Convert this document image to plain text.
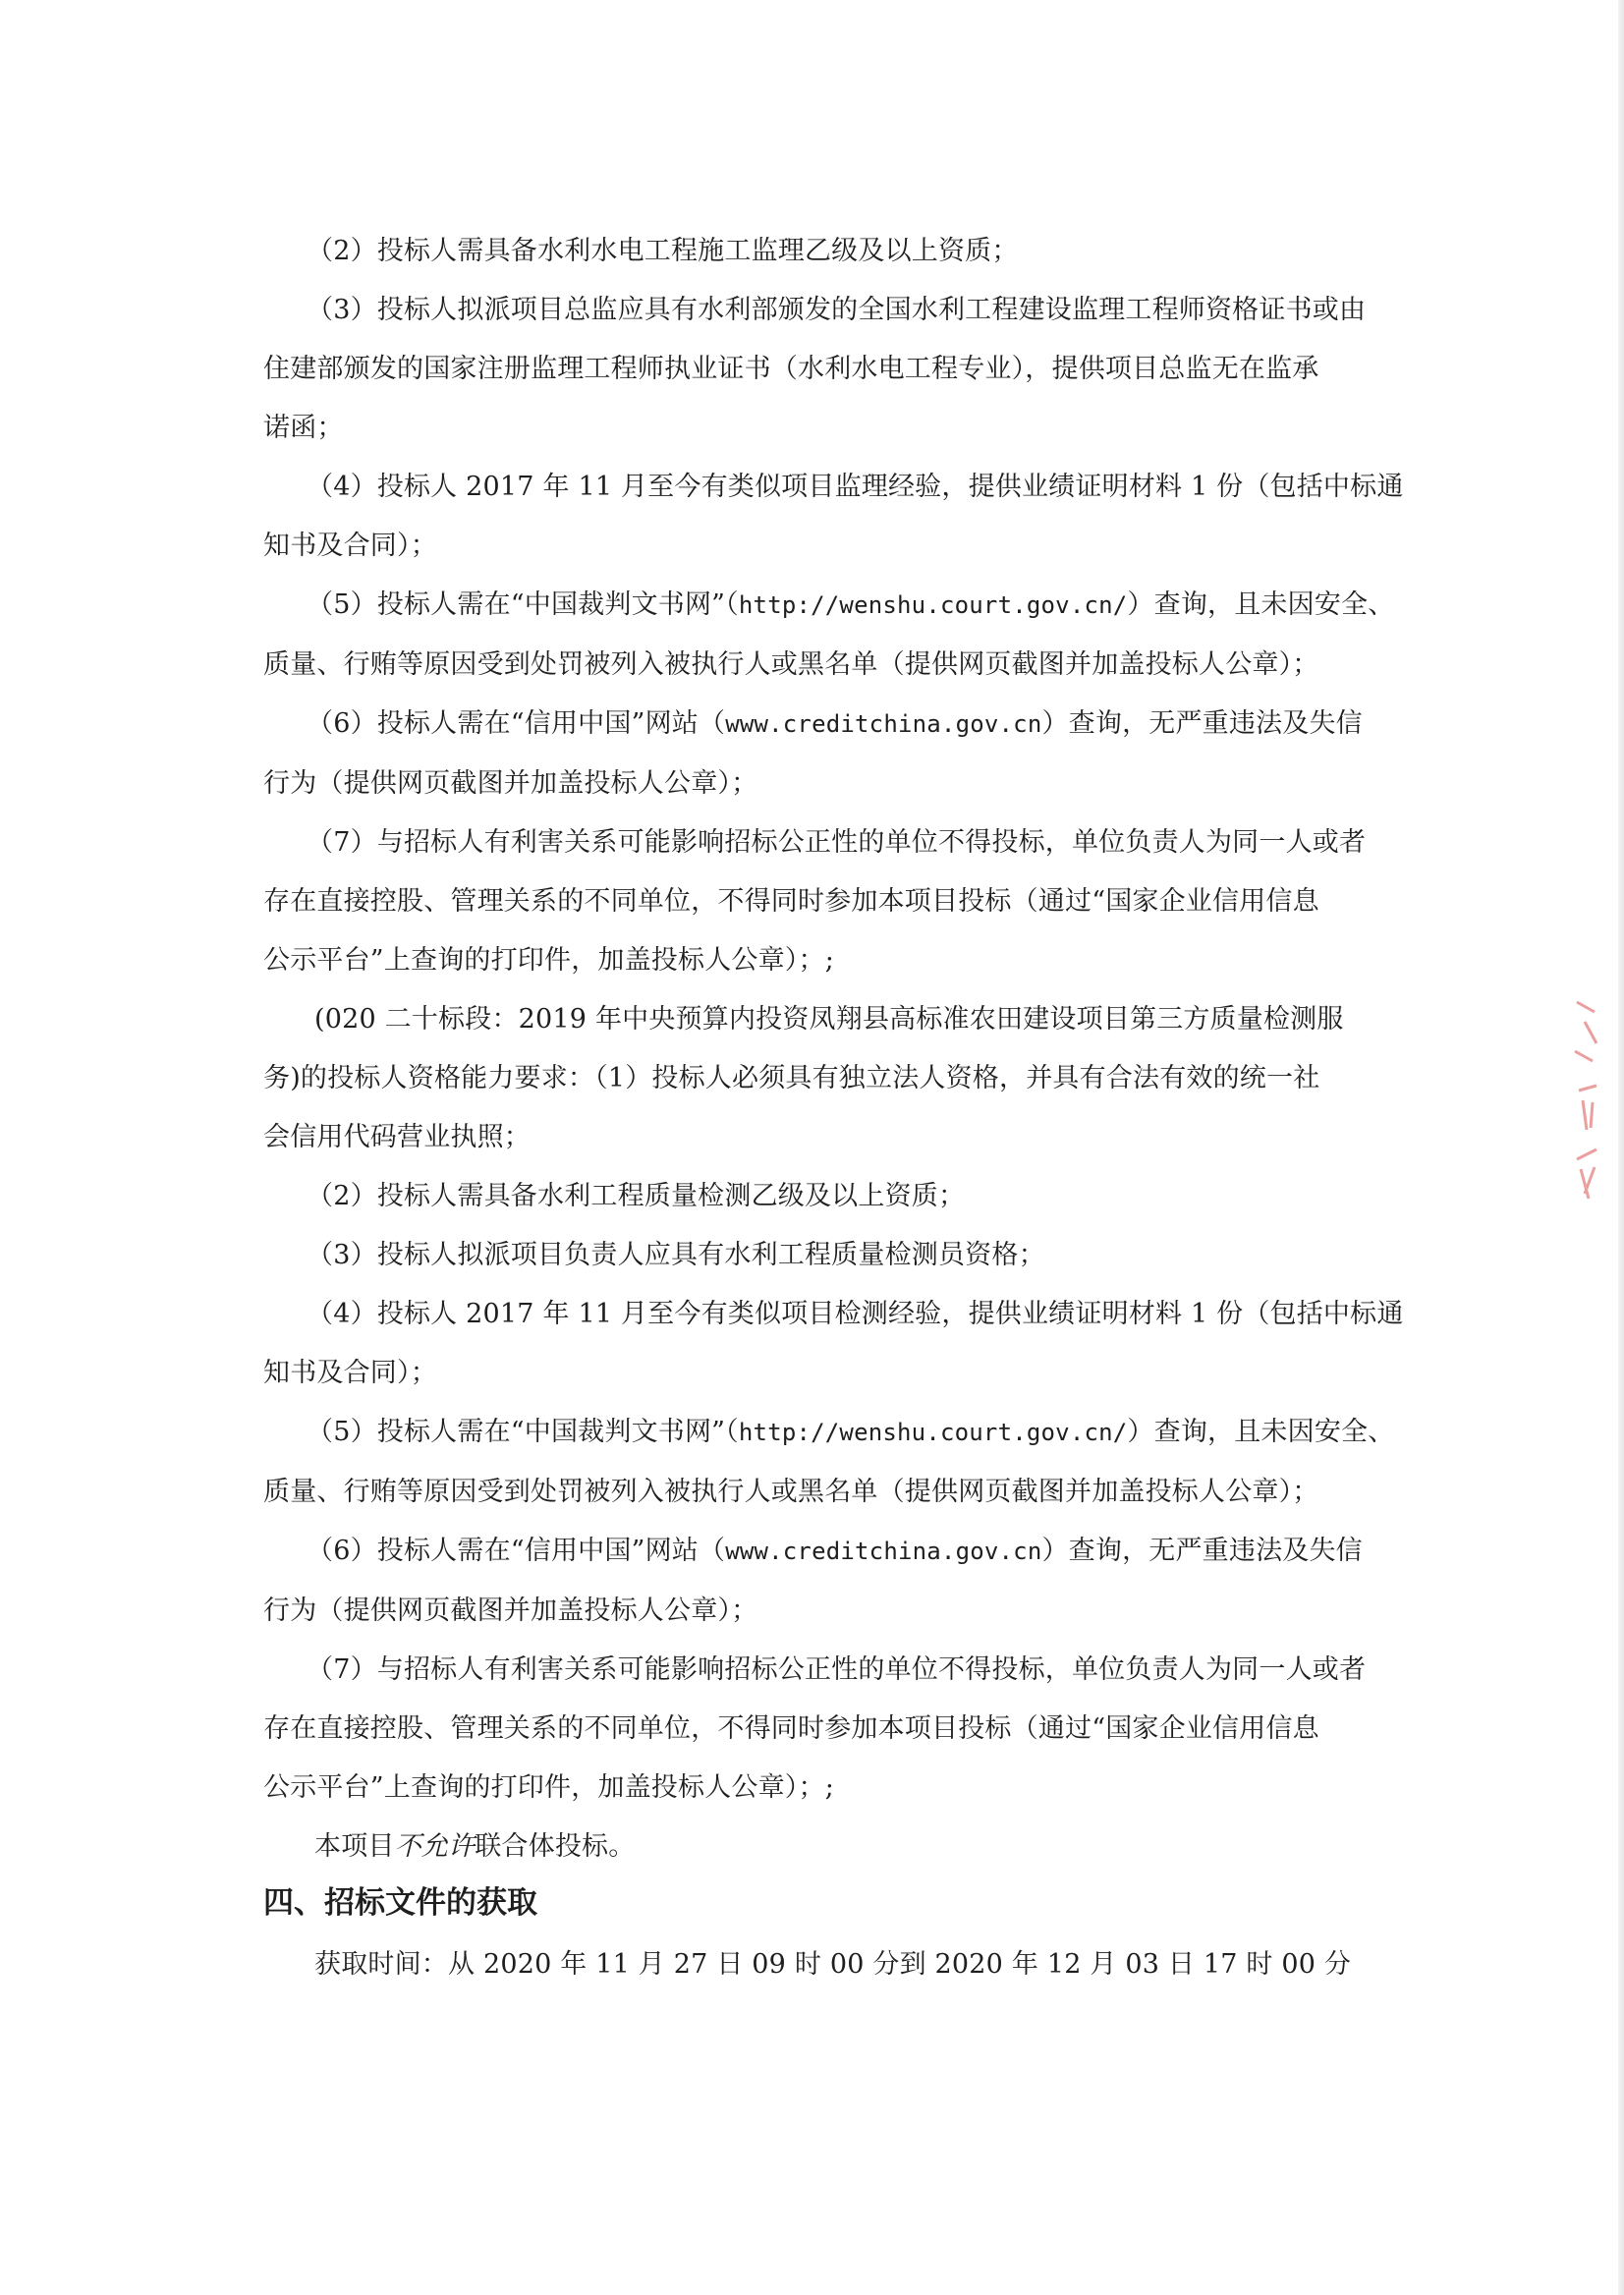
（2）投标人需具备水利水电工程施工监理乙级及以上资质；
（3）投标人拟派项目总监应具有水利部颁发的全国水利工程建设监理工程师资格证书或由
住建部颁发的国家注册监理工程师执业证书（水利水电工程专业），提供项目总监无在监承
诺函；
（4）投标人 2017 年 11 月至今有类似项目监理经验，提供业绩证明材料 1 份（包括中标通
知书及合同）；
（5）投标人需在“中国裁判文书网”（http://wenshu.court.gov.cn/）查询，且未因安全、
质量、行贿等原因受到处罚被列入被执行人或黑名单（提供网页截图并加盖投标人公章）；
（6）投标人需在“信用中国”网站（www.creditchina.gov.cn）查询，无严重违法及失信
行为（提供网页截图并加盖投标人公章）；
（7）与招标人有利害关系可能影响招标公正性的单位不得投标，单位负责人为同一人或者
存在直接控股、管理关系的不同单位，不得同时参加本项目投标（通过“国家企业信用信息
公示平台”上查询的打印件，加盖投标人公章）；;
(020 二十标段：2019 年中央预算内投资凤翔县高标准农田建设项目第三方质量检测服
务)的投标人资格能力要求：（1）投标人必须具有独立法人资格，并具有合法有效的统一社
会信用代码营业执照；
（2）投标人需具备水利工程质量检测乙级及以上资质；
（3）投标人拟派项目负责人应具有水利工程质量检测员资格；
（4）投标人 2017 年 11 月至今有类似项目检测经验，提供业绩证明材料 1 份（包括中标通
知书及合同）；
（5）投标人需在“中国裁判文书网”（http://wenshu.court.gov.cn/）查询，且未因安全、
质量、行贿等原因受到处罚被列入被执行人或黑名单（提供网页截图并加盖投标人公章）；
（6）投标人需在“信用中国”网站（www.creditchina.gov.cn）查询，无严重违法及失信
行为（提供网页截图并加盖投标人公章）；
（7）与招标人有利害关系可能影响招标公正性的单位不得投标，单位负责人为同一人或者
存在直接控股、管理关系的不同单位，不得同时参加本项目投标（通过“国家企业信用信息
公示平台”上查询的打印件，加盖投标人公章）；;
本项目不允许联合体投标。
四、招标文件的获取
获取时间：从 2020 年 11 月 27 日 09 时 00 分到 2020 年 12 月 03 日 17 时 00 分
